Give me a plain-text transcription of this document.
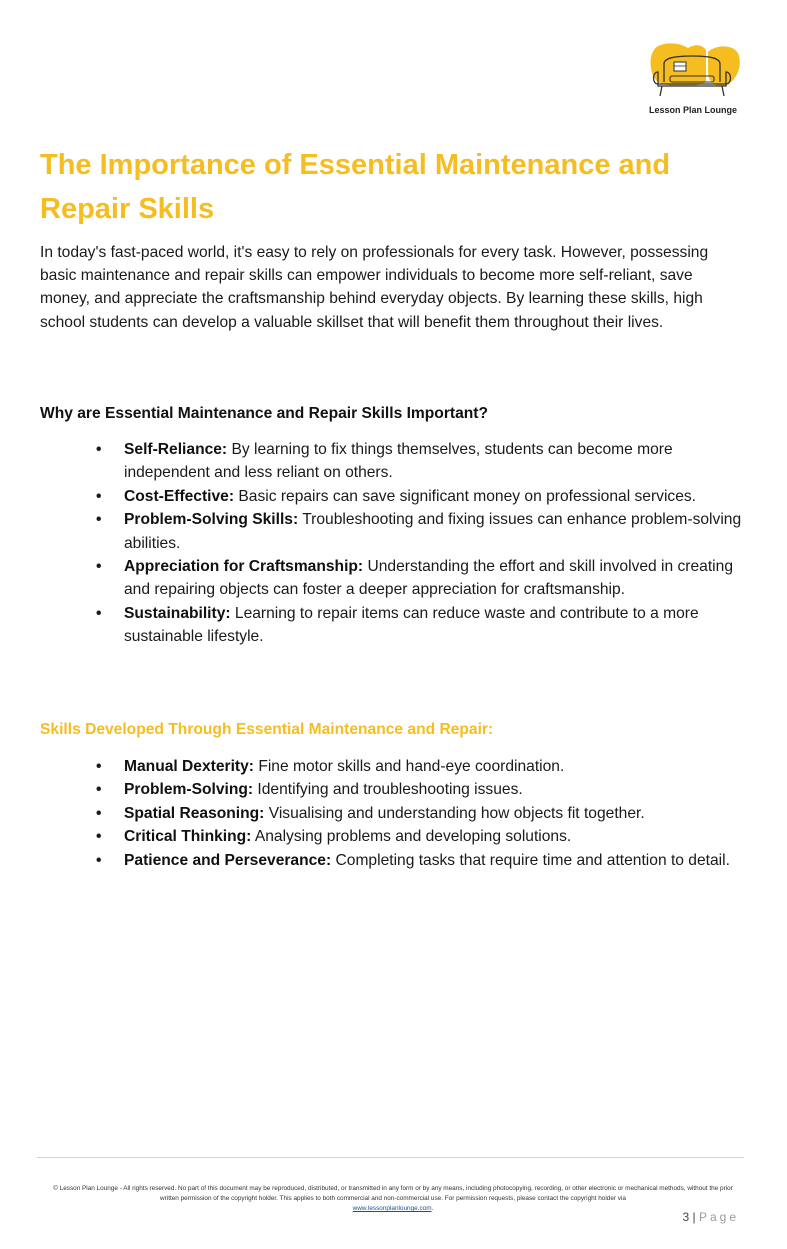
Lesson Plan Lounge
The Importance of Essential Maintenance and Repair Skills

In today's fast-paced world, it's easy to rely on professionals for every task. However, possessing basic maintenance and repair skills can empower individuals to become more self-reliant, save money, and appreciate the craftsmanship behind everyday objects. By learning these skills, high school students can develop a valuable skillset that will benefit them throughout their lives.

Why are Essential Maintenance and Repair Skills Important?
• Self-Reliance: By learning to fix things themselves, students can become more independent and less reliant on others.
• Cost-Effective: Basic repairs can save significant money on professional services.
• Problem-Solving Skills: Troubleshooting and fixing issues can enhance problem-solving abilities.
• Appreciation for Craftsmanship: Understanding the effort and skill involved in creating and repairing objects can foster a deeper appreciation for craftsmanship.
• Sustainability: Learning to repair items can reduce waste and contribute to a more sustainable lifestyle.
Skills Developed Through Essential Maintenance and Repair:
• Manual Dexterity: Fine motor skills and hand-eye coordination.
• Problem-Solving: Identifying and troubleshooting issues.
• Spatial Reasoning: Visualising and understanding how objects fit together.
• Critical Thinking: Analysing problems and developing solutions.
• Patience and Perseverance: Completing tasks that require time and attention to detail.
© Lesson Plan Lounge - All rights reserved. No part of this document may be reproduced, distributed, or transmitted in any form or by any means, including photocopying, recording, or other electronic or mechanical methods, without the prior written permission of the copyright holder. This applies to both commercial and non-commercial use. For permission requests, please contact the copyright holder via
www.lessonplanlounge.com.
3 | Page
